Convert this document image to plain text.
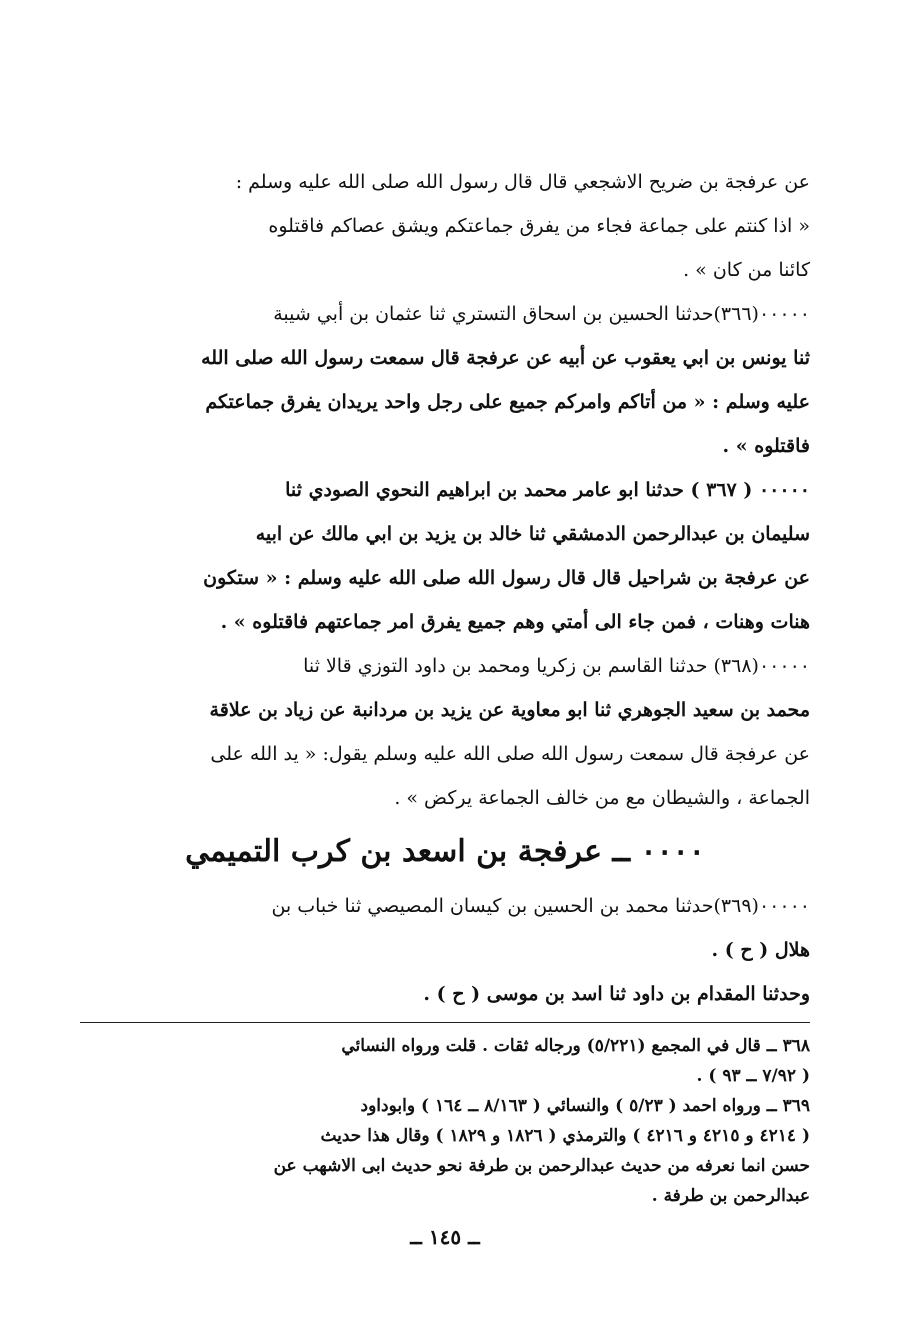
عن عرفجة بن ضريح الاشجعي قال قال رسول الله صلى الله عليه وسلم :
« اذا كنتم على جماعة فجاء من يفرق جماعتكم ويشق عصاكم فاقتلوه
كائنا من كان » .
٠٠٠٠٠(٣٦٦)حدثنا الحسين بن اسحاق التستري ثنا عثمان بن أبي شيبة
ثنا يونس بن ابي يعقوب عن أبيه عن عرفجة قال سمعت رسول الله صلى الله
عليه وسلم : « من أتاكم وامركم جميع على رجل واحد يريدان يفرق جماعتكم
فاقتلوه » .
٠٠٠٠٠ ( ٣٦٧ ) حدثنا ابو عامر محمد بن ابراهيم النحوي الصودي ثنا
سليمان بن عبدالرحمن الدمشقي ثنا خالد بن يزيد بن ابي مالك عن ابيه
عن عرفجة بن شراحيل قال قال رسول الله صلى الله عليه وسلم : « ستكون
هنات وهنات ، فمن جاء الى أمتي وهم جميع يفرق امر جماعتهم فاقتلوه » .
٠٠٠٠٠(٣٦٨) حدثنا القاسم بن زكريا ومحمد بن داود التوزي قالا ثنا
محمد بن سعيد الجوهري ثنا ابو معاوية عن يزيد بن مردانبة عن زياد بن علاقة
عن عرفجة قال سمعت رسول الله صلى الله عليه وسلم يقول: « يد الله على
الجماعة ، والشيطان مع من خالف الجماعة يركض » .
٠٠٠٠ ــ عرفجة بن اسعد بن كرب التميمي
٠٠٠٠٠(٣٦٩)حدثنا محمد بن الحسين بن كيسان المصيصي ثنا خباب بن
هلال ( ح ) .
وحدثنا المقدام بن داود ثنا اسد بن موسى ( ح ) .
٣٦٨ ــ قال في المجمع (٥/٢٢١) ورجاله ثقات . قلت ورواه النسائي
( ٧/٩٢ ــ ٩٣ ) .
٣٦٩ ــ ورواه احمد ( ٥/٢٣ ) والنسائي ( ٨/١٦٣ ــ ١٦٤ ) وابوداود
( ٤٢١٤ و ٤٢١٥ و ٤٢١٦ ) والترمذي ( ١٨٢٦ و ١٨٢٩ ) وقال هذا حديث
حسن انما نعرفه من حديث عبدالرحمن بن طرفة نحو حديث ابى الاشهب عن
عبدالرحمن بن طرفة .
ــ ١٤٥ ــ
